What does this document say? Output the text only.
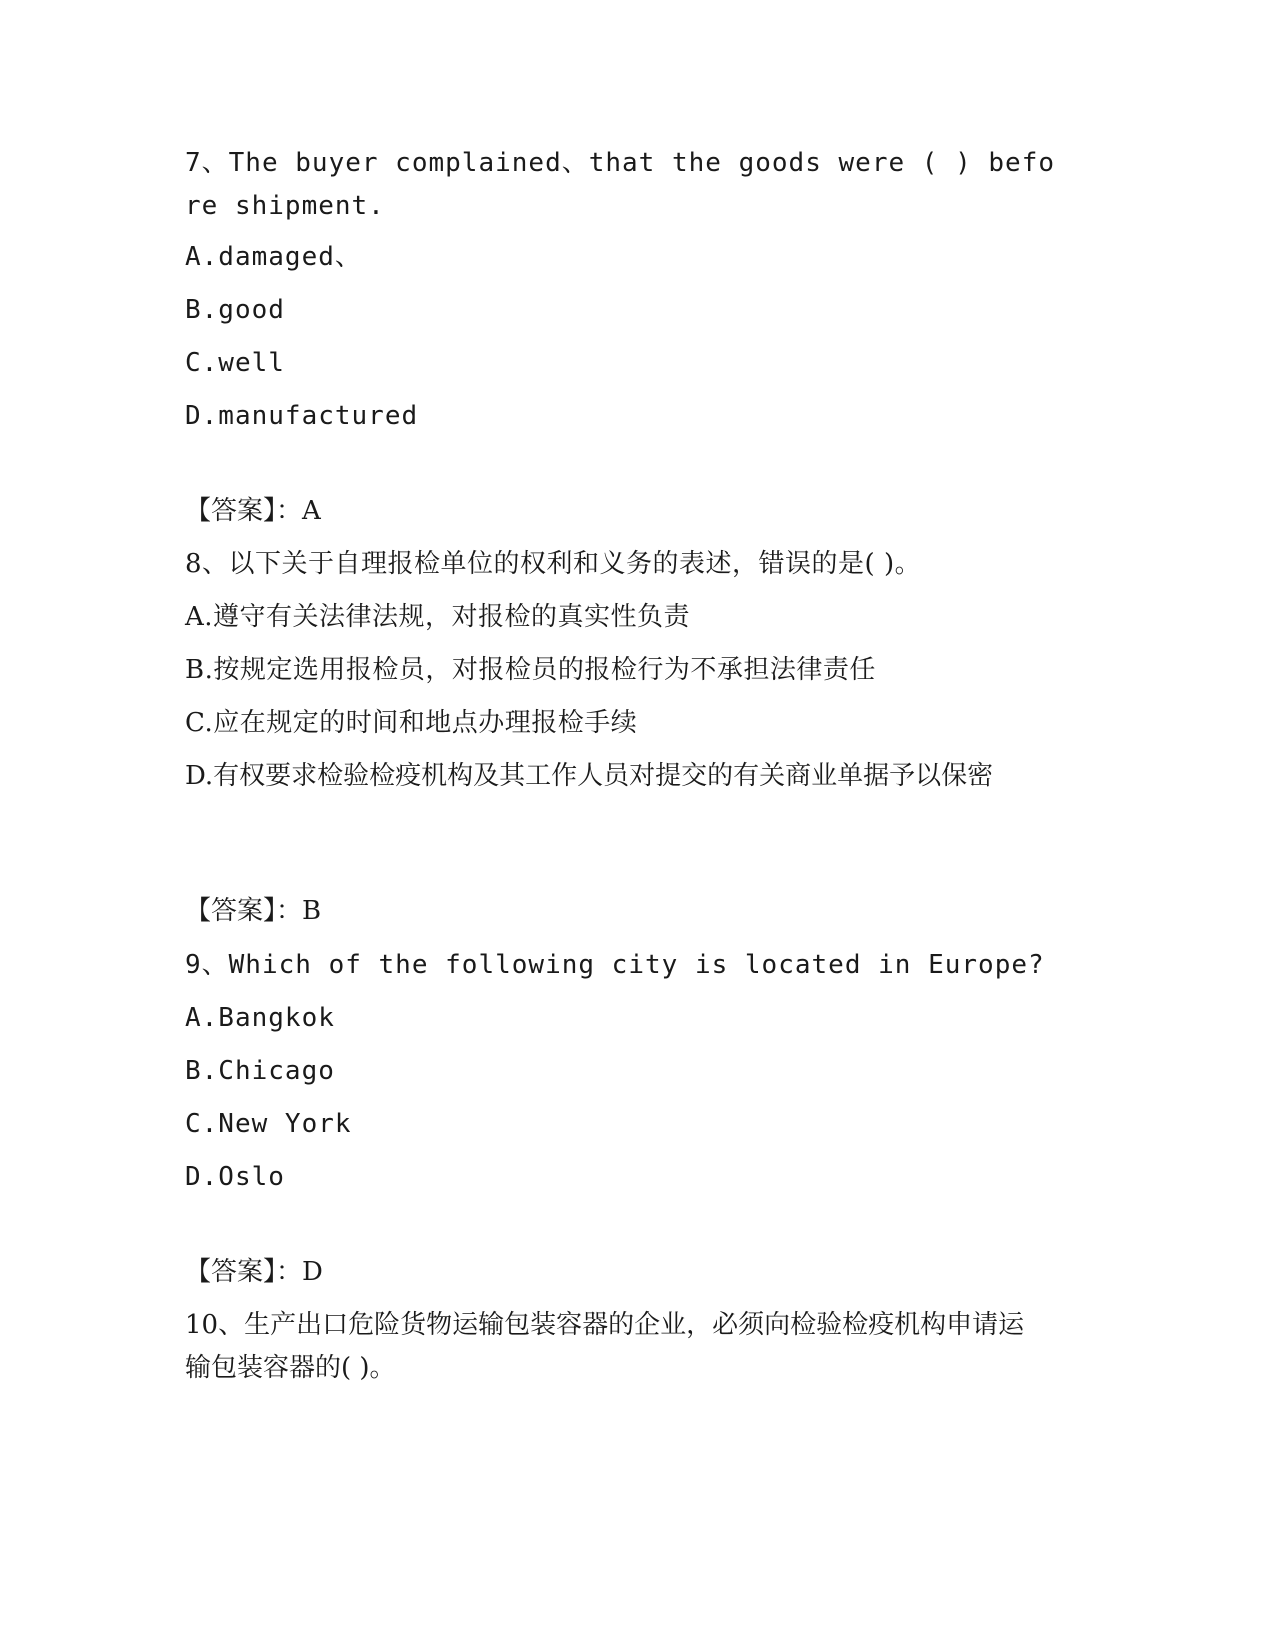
7、The buyer complained、that the goods were ( ) before shipment.
A.damaged、
B.good
C.well
D.manufactured
【答案】：A
8、以下关于自理报检单位的权利和义务的表述，错误的是( )。
A.遵守有关法律法规，对报检的真实性负责
B.按规定选用报检员，对报检员的报检行为不承担法律责任
C.应在规定的时间和地点办理报检手续
D.有权要求检验检疫机构及其工作人员对提交的有关商业单据予以保密
【答案】：B
9、Which of the following city is located in Europe?
A.Bangkok
B.Chicago
C.New York
D.Oslo
【答案】：D
10、生产出口危险货物运输包装容器的企业，必须向检验检疫机构申请运输包装容器的( )。
